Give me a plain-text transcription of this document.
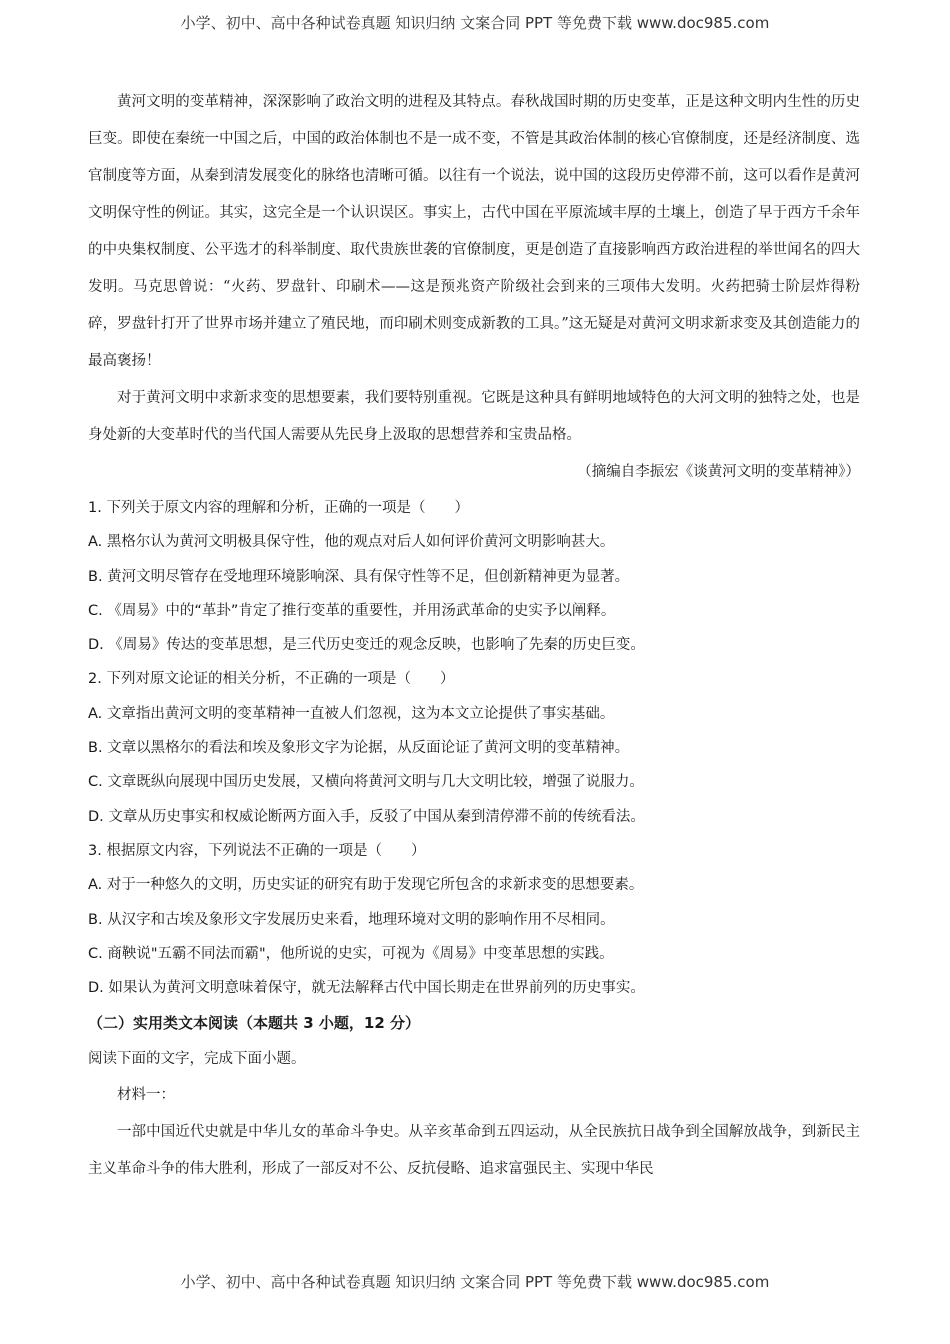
小学、初中、高中各种试卷真题 知识归纳 文案合同 PPT 等免费下载 www.doc985.com

黄河文明的变革精神，深深影响了政治文明的进程及其特点。春秋战国时期的历史变革，正是这种文明内生性的历史巨变。即使在秦统一中国之后，中国的政治体制也不是一成不变，不管是其政治体制的核心官僚制度，还是经济制度、选官制度等方面，从秦到清发展变化的脉络也清晰可循。以往有一个说法，说中国的这段历史停滞不前，这可以看作是黄河文明保守性的例证。其实，这完全是一个认识误区。事实上，古代中国在平原流域丰厚的土壤上，创造了早于西方千余年的中央集权制度、公平选才的科举制度、取代贵族世袭的官僚制度，更是创造了直接影响西方政治进程的举世闻名的四大发明。马克思曾说：“火药、罗盘针、印刷术——这是预兆资产阶级社会到来的三项伟大发明。火药把骑士阶层炸得粉碎，罗盘针打开了世界市场并建立了殖民地，而印刷术则变成新教的工具。”这无疑是对黄河文明求新求变及其创造能力的最高褒扬！

对于黄河文明中求新求变的思想要素，我们要特别重视。它既是这种具有鲜明地域特色的大河文明的独特之处，也是身处新的大变革时代的当代国人需要从先民身上汲取的思想营养和宝贵品格。

（摘编自李振宏《谈黄河文明的变革精神》）

1. 下列关于原文内容的理解和分析，正确的一项是（　　）
A. 黑格尔认为黄河文明极具保守性，他的观点对后人如何评价黄河文明影响甚大。
B. 黄河文明尽管存在受地理环境影响深、具有保守性等不足，但创新精神更为显著。
C. 《周易》中的“革卦”肯定了推行变革的重要性，并用汤武革命的史实予以阐释。
D. 《周易》传达的变革思想，是三代历史变迁的观念反映，也影响了先秦的历史巨变。
2. 下列对原文论证的相关分析，不正确的一项是（　　）
A. 文章指出黄河文明的变革精神一直被人们忽视，这为本文立论提供了事实基础。
B. 文章以黑格尔的看法和埃及象形文字为论据，从反面论证了黄河文明的变革精神。
C. 文章既纵向展现中国历史发展，又横向将黄河文明与几大文明比较，增强了说服力。
D. 文章从历史事实和权威论断两方面入手，反驳了中国从秦到清停滞不前的传统看法。
3. 根据原文内容，下列说法不正确的一项是（　　）
A. 对于一种悠久的文明，历史实证的研究有助于发现它所包含的求新求变的思想要素。
B. 从汉字和古埃及象形文字发展历史来看，地理环境对文明的影响作用不尽相同。
C. 商鞅说"五霸不同法而霸"，他所说的史实，可视为《周易》中变革思想的实践。
D. 如果认为黄河文明意味着保守，就无法解释古代中国长期走在世界前列的历史事实。
（二）实用类文本阅读（本题共 3 小题，12 分）
阅读下面的文字，完成下面小题。

材料一：

一部中国近代史就是中华儿女的革命斗争史。从辛亥革命到五四运动，从全民族抗日战争到全国解放战争，到新民主主义革命斗争的伟大胜利，形成了一部反对不公、反抗侵略、追求富强民主、实现中华民

小学、初中、高中各种试卷真题 知识归纳 文案合同 PPT 等免费下载 www.doc985.com
